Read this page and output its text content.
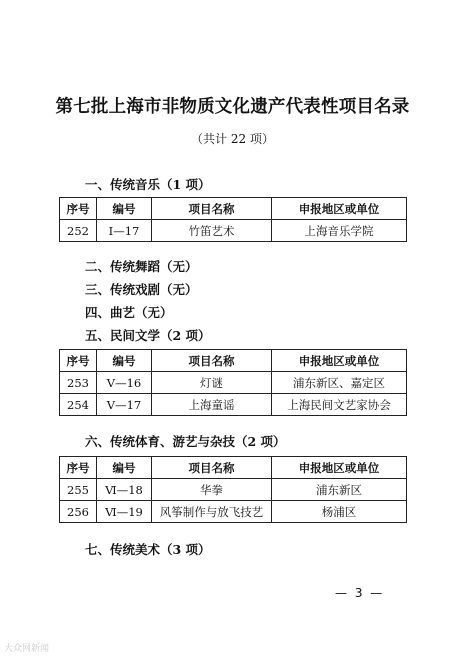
第七批上海市非物质文化遗产代表性项目名录
（共计 22 项）
一、传统音乐（1 项）
序号	编号	项目名称	申报地区或单位
252	Ⅰ—17	竹笛艺术	上海音乐学院
二、传统舞蹈（无）
三、传统戏剧（无）
四、曲艺（无）
五、民间文学（2 项）
序号	编号	项目名称	申报地区或单位
253	Ⅴ—16	灯谜	浦东新区、嘉定区
254	Ⅴ—17	上海童谣	上海民间文艺家协会
六、传统体育、游艺与杂技（2 项）
序号	编号	项目名称	申报地区或单位
255	Ⅵ—18	华拳	浦东新区
256	Ⅵ—19	风筝制作与放飞技艺	杨浦区
七、传统美术（3 项）
— 3 —
大众网新闻
